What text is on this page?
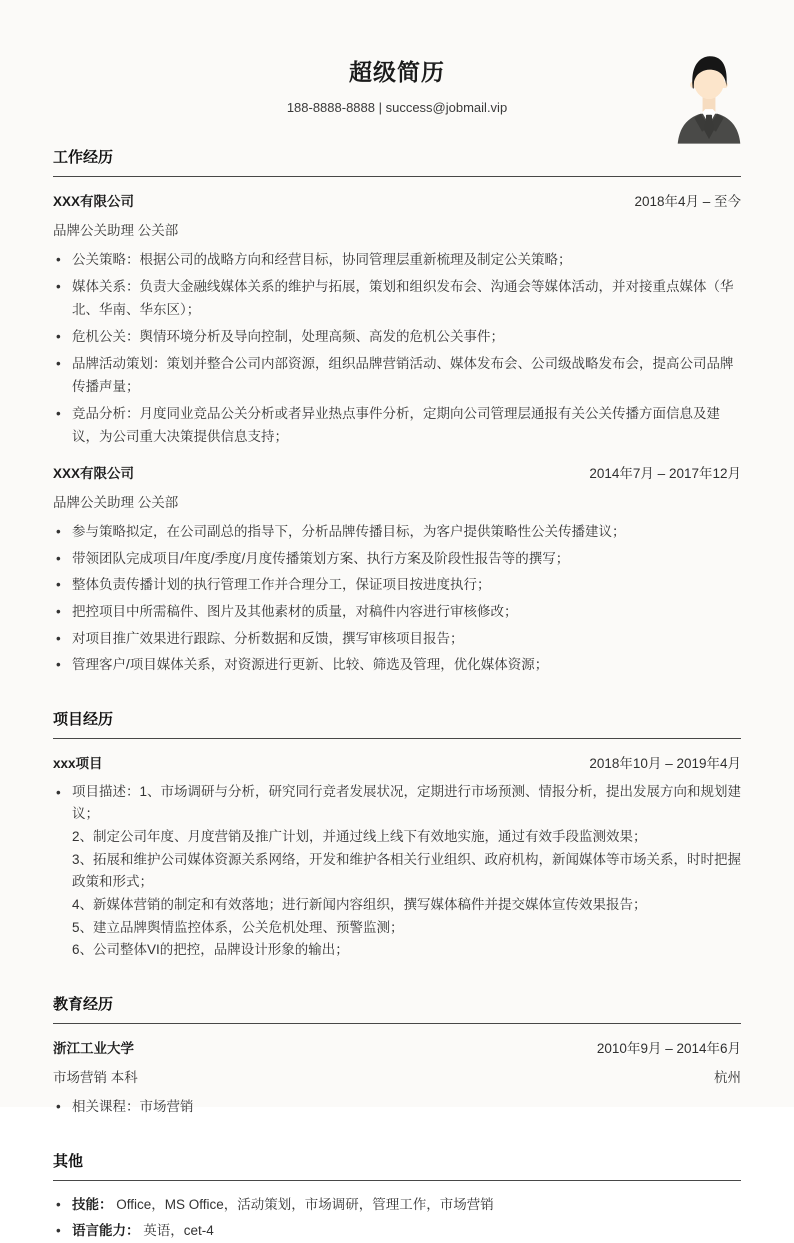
超级简历
188-8888-8888 | success@jobmail.vip
工作经历
XXX有限公司	2018年4月 – 至今
品牌公关助理 公关部
• 公关策略：根据公司的战略方向和经营目标，协同管理层重新梳理及制定公关策略；
• 媒体关系：负责大金融线媒体关系的维护与拓展，策划和组织发布会、沟通会等媒体活动，并对接重点媒体（华北、华南、华东区）；
• 危机公关：舆情环境分析及导向控制，处理高频、高发的危机公关事件；
• 品牌活动策划：策划并整合公司内部资源，组织品牌营销活动、媒体发布会、公司级战略发布会，提高公司品牌传播声量；
• 竞品分析：月度同业竞品公关分析或者异业热点事件分析，定期向公司管理层通报有关公关传播方面信息及建议，为公司重大决策提供信息支持；
XXX有限公司	2014年7月 – 2017年12月
品牌公关助理 公关部
• 参与策略拟定，在公司副总的指导下，分析品牌传播目标，为客户提供策略性公关传播建议；
• 带领团队完成项目/年度/季度/月度传播策划方案、执行方案及阶段性报告等的撰写；
• 整体负责传播计划的执行管理工作并合理分工，保证项目按进度执行；
• 把控项目中所需稿件、图片及其他素材的质量，对稿件内容进行审核修改；
• 对项目推广效果进行跟踪、分析数据和反馈，撰写审核项目报告；
• 管理客户/项目媒体关系，对资源进行更新、比较、筛选及管理，优化媒体资源；
项目经历
xxx项目	2018年10月 – 2019年4月
• 项目描述：1、市场调研与分析，研究同行竞者发展状况，定期进行市场预测、情报分析，提出发展方向和规划建议；
2、制定公司年度、月度营销及推广计划，并通过线上线下有效地实施，通过有效手段监测效果；
3、拓展和维护公司媒体资源关系网络，开发和维护各相关行业组织、政府机构，新闻媒体等市场关系，时时把握政策和形式；
4、新媒体营销的制定和有效落地；进行新闻内容组织，撰写媒体稿件并提交媒体宣传效果报告；
5、建立品牌舆情监控体系，公关危机处理、预警监测；
6、公司整体VI的把控，品牌设计形象的输出；
教育经历
浙江工业大学	2010年9月 – 2014年6月
市场营销 本科	杭州
• 相关课程：市场营销
其他
• 技能： Office，MS Office，活动策划，市场调研，管理工作，市场营销
• 语言能力： 英语，cet-4
